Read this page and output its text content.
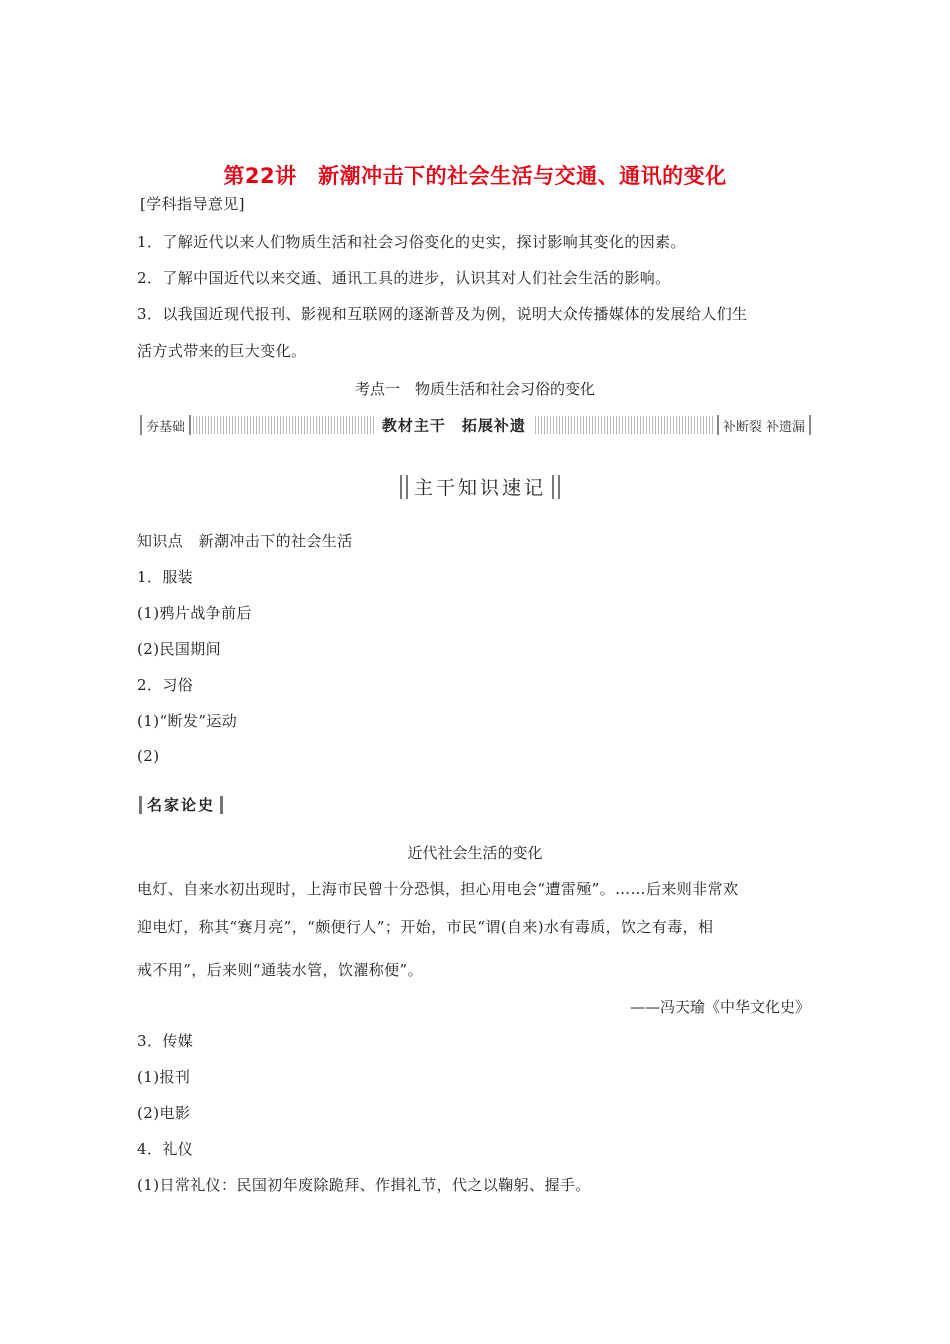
第22讲　新潮冲击下的社会生活与交通、通讯的变化
[学科指导意见]
1．了解近代以来人们物质生活和社会习俗变化的史实，探讨影响其变化的因素。
2．了解中国近代以来交通、通讯工具的进步，认识其对人们社会生活的影响。
3．以我国近现代报刊、影视和互联网的逐渐普及为例，说明大众传播媒体的发展给人们生
活方式带来的巨大变化。
考点一　物质生活和社会习俗的变化
夯基础	教材主干　拓展补遗	补断裂 补遗漏
主干知识速记
知识点　新潮冲击下的社会生活
1．服装
(1)鸦片战争前后
(2)民国期间
2．习俗
(1)“断发”运动
(2)
名家论史
近代社会生活的变化
电灯、自来水初出现时，上海市民曾十分恐惧，担心用电会“遭雷殛”。……后来则非常欢
迎电灯，称其“赛月亮”，“颇便行人”；开始，市民“谓(自来)水有毒质，饮之有毒，相
戒不用”，后来则“通装水管，饮濯称便”。
——冯天瑜《中华文化史》
3．传媒
(1)报刊
(2)电影
4．礼仪
(1)日常礼仪：民国初年废除跪拜、作揖礼节，代之以鞠躬、握手。
